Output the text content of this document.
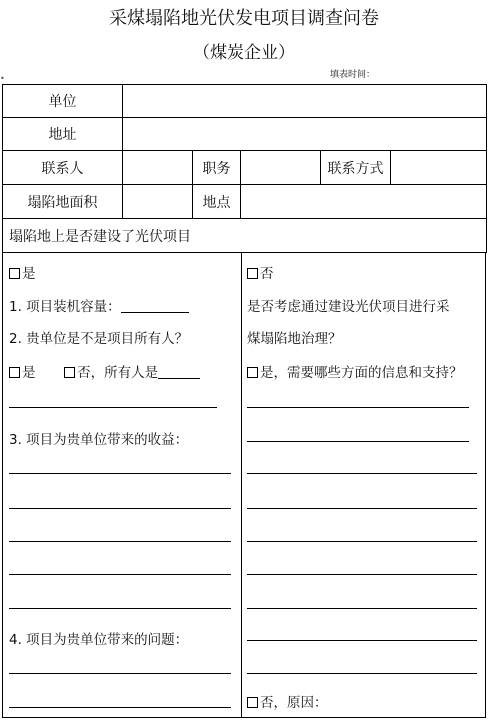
采煤塌陷地光伏发电项目调查问卷
（煤炭企业）
•	填表时间：
单位					
地址					
联系人		职务		联系方式	
塌陷地面积		地点			
塌陷地上是否建设了光伏项目					
是
1. 项目装机容量：
2. 贵单位是不是项目所有人？
是	否，所有人是
3. 项目为贵单位带来的收益：
4. 项目为贵单位带来的问题：
否
是否考虑通过建设光伏项目进行采
煤塌陷地治理？
是，需要哪些方面的信息和支持？
否，原因：
